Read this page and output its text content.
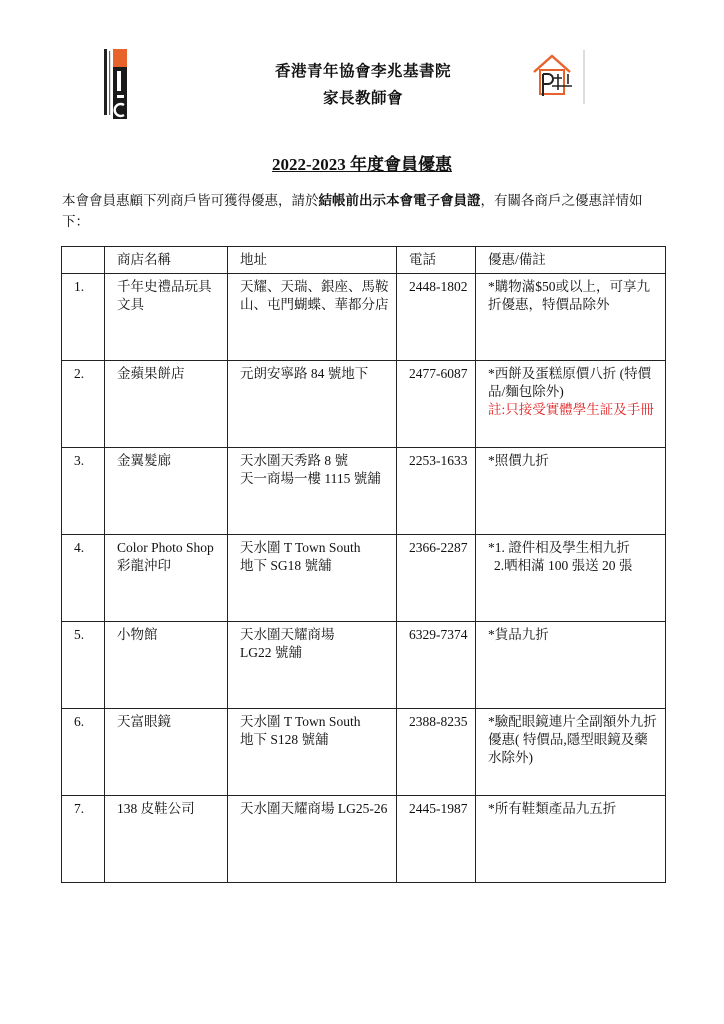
香港青年協會李兆基書院
家長教師會
2022-2023 年度會員優惠
本會會員惠顧下列商戶皆可獲得優惠，請於結帳前出示本會電子會員證，有關各商戶之優惠詳情如下：
	商店名稱	地址	電話	優惠/備註
1.	千年史禮品玩具文具	天耀、天瑞、銀座、馬鞍山、屯門蝴蝶、華都分店	2448-1802	*購物滿$50或以上，可享九折優惠，特價品除外
2.	金蘋果餅店	元朗安寧路 84 號地下	2477-6087	*西餅及蛋糕原價八折 (特價品/麵包除外)
註:只接受實體學生証及手冊

3.	金翼髮廊	天水圍天秀路 8 號
天一商場一樓 1115 號舖	2253-1633	*照價九折
4.	Color Photo Shop
彩龍沖印	天水圍 T Town South
地下 SG18 號舖	2366-2287	*1. 證件相及學生相九折
2.晒相滿 100 張送 20 張

5.	小物館	天水圍天耀商場
LG22 號舖	6329-7374	*貨品九折
6.	天富眼鏡	天水圍 T Town South
地下 S128 號舖	2388-8235	*驗配眼鏡連片全副額外九折優惠( 特價品,隱型眼鏡及藥水除外)
7.	138 皮鞋公司	天水圍天耀商場 LG25-26	2445-1987	*所有鞋類產品九五折
